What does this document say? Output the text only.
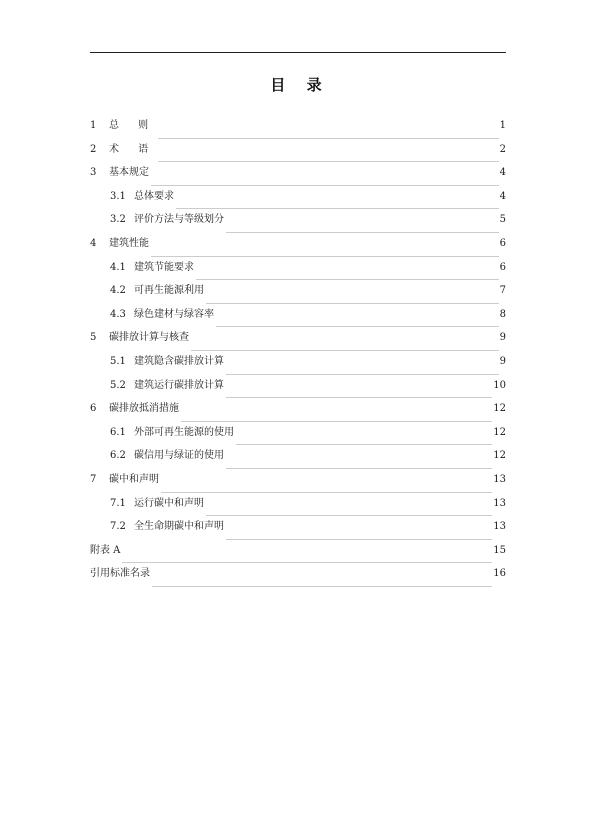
目 录
1	总 则	1
2	术 语	2
3	基本规定	4
3.1 总体要求	4
3.2 评价方法与等级划分	5
4	建筑性能	6
4.1 建筑节能要求	6
4.2 可再生能源利用	7
4.3 绿色建材与绿容率	8
5	碳排放计算与核查	9
5.1 建筑隐含碳排放计算	9
5.2 建筑运行碳排放计算	10
6	碳排放抵消措施	12
6.1 外部可再生能源的使用	12
6.2 碳信用与绿证的使用	12
7	碳中和声明	13
7.1 运行碳中和声明	13
7.2 全生命期碳中和声明	13
附表 A	15
引用标准名录	16
